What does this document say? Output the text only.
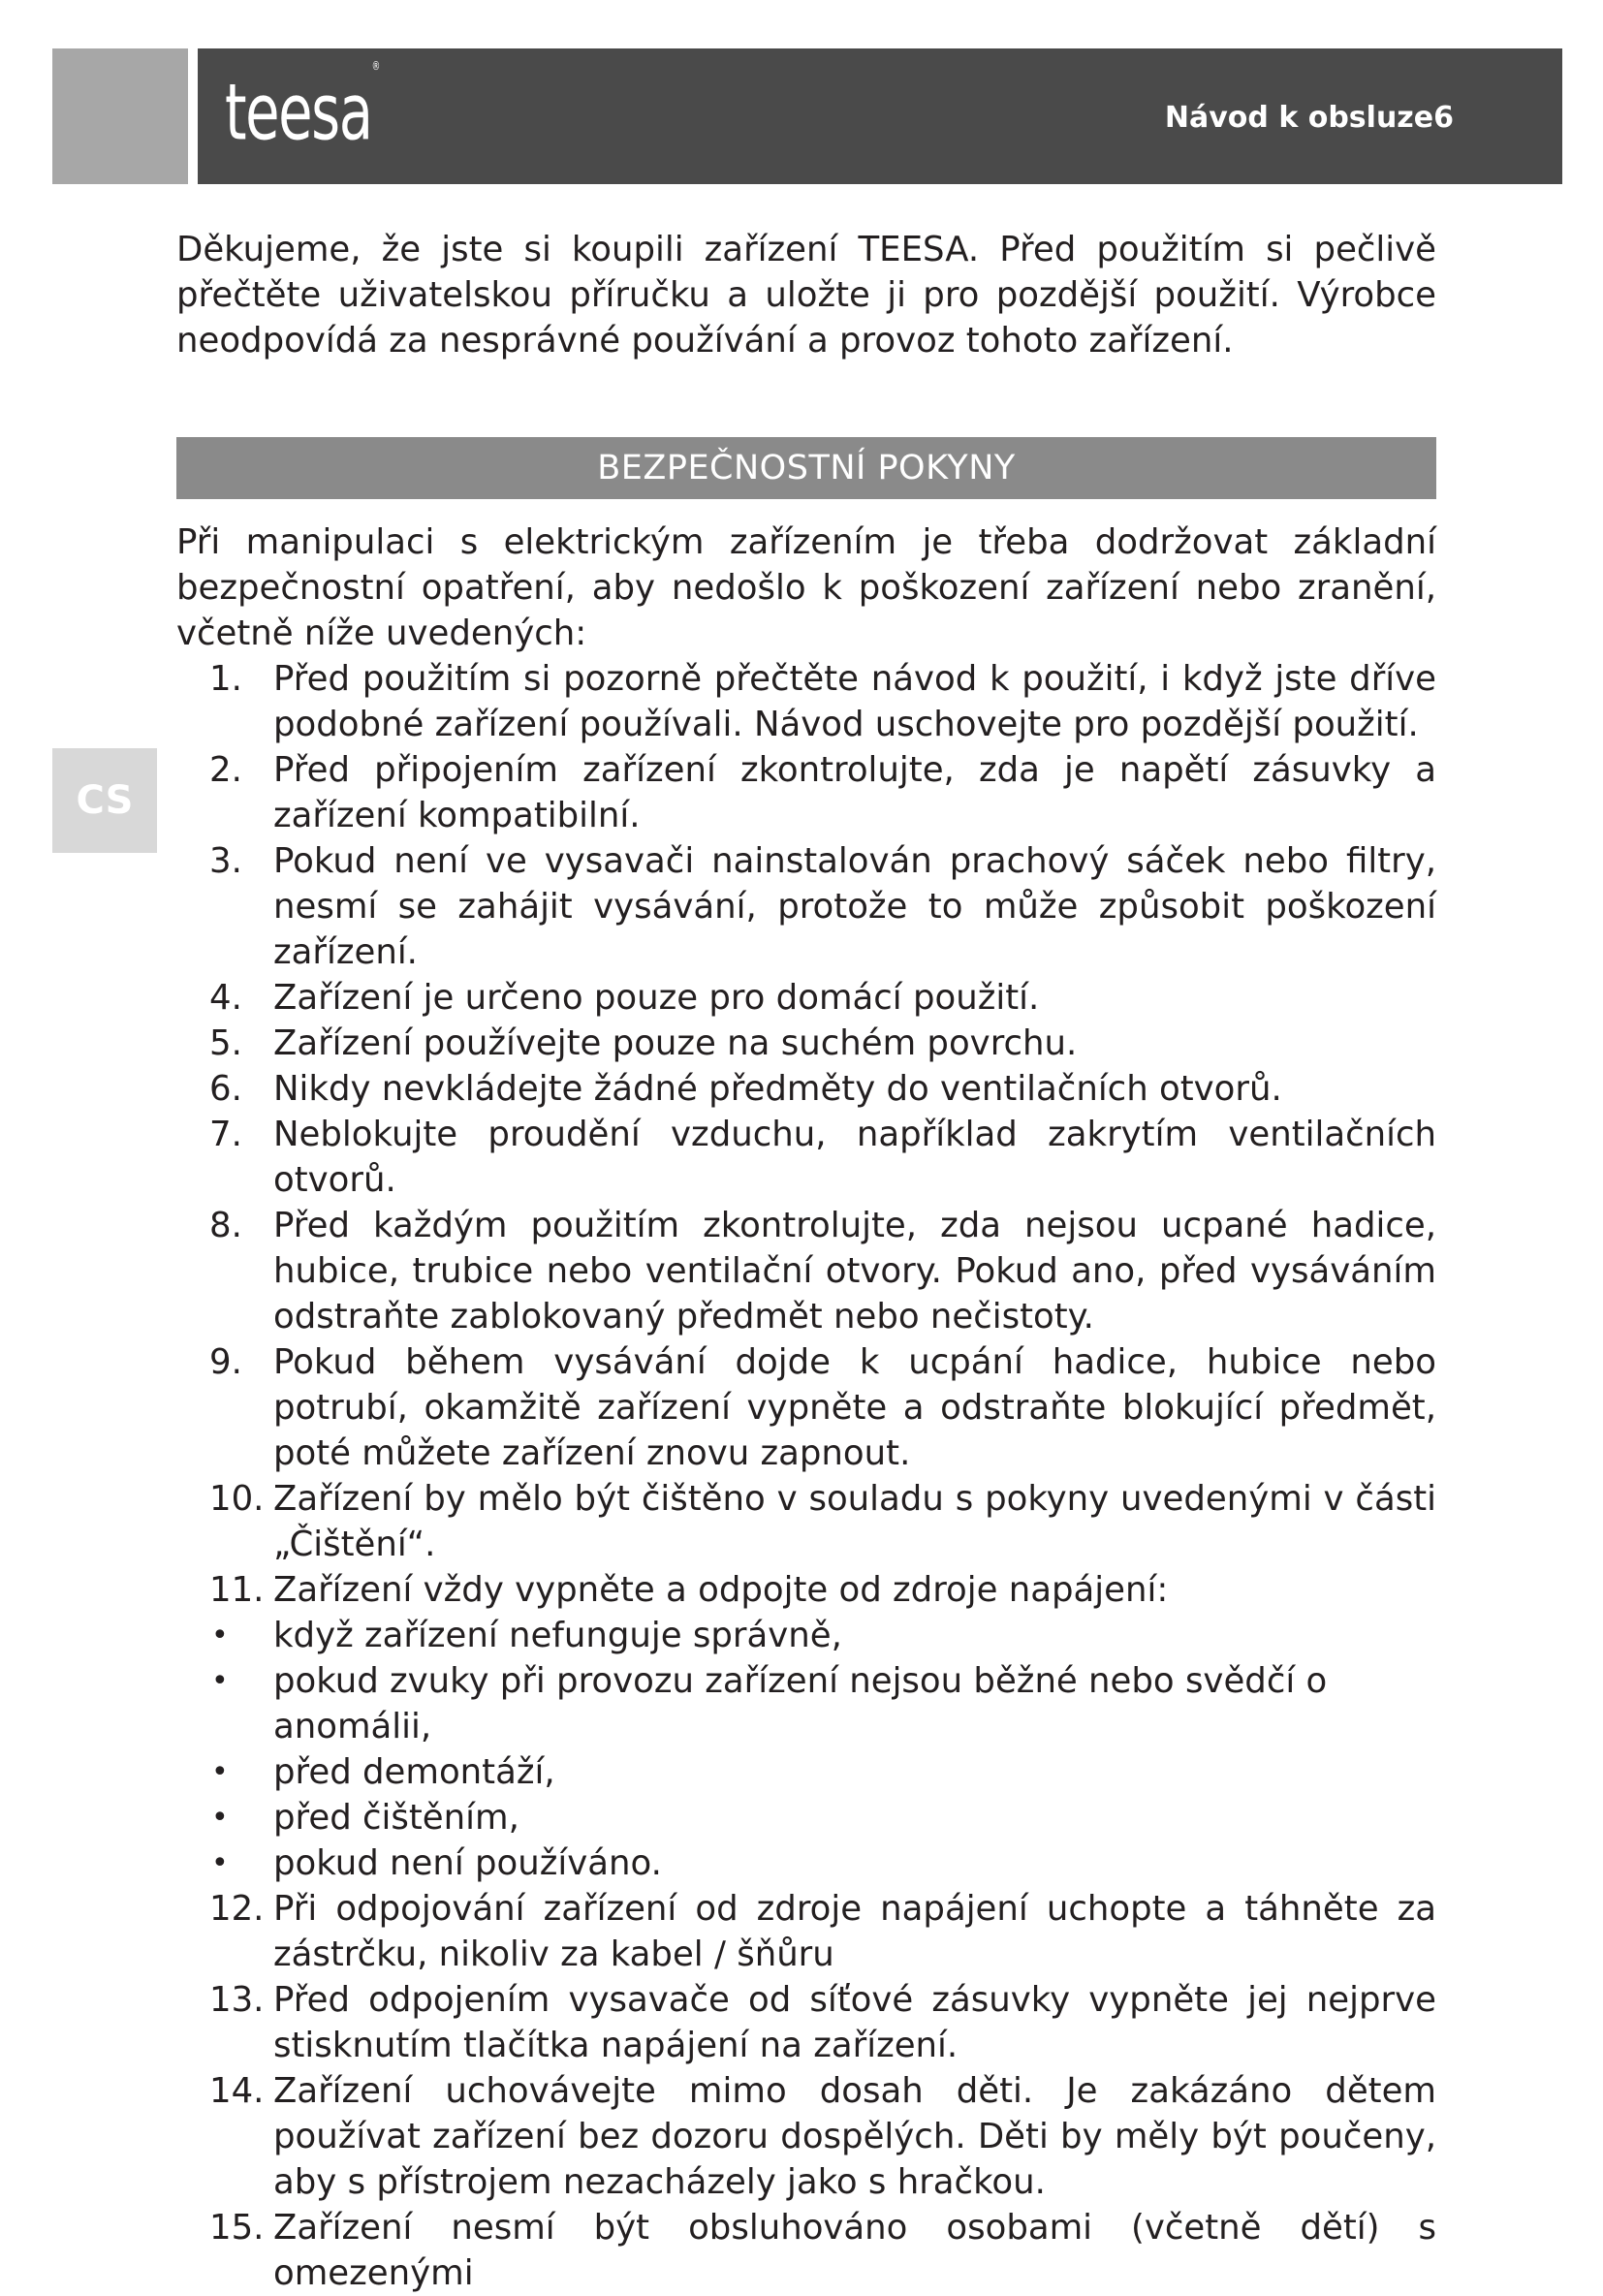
teesa®
Návod k obsluze6
CS

Děkujeme, že jste si koupili zařízení TEESA. Před použitím si pečlivě přečtěte uživatelskou příručku a uložte ji pro pozdější použití. Výrobce neodpovídá za nesprávné používání a provoz tohoto zařízení.

BEZPEČNOSTNÍ POKYNY

Při manipulaci s elektrickým zařízením je třeba dodržovat základní bezpečnostní opatření, aby nedošlo k poškození zařízení nebo zranění, včetně níže uvedených:

1. Před použitím si pozorně přečtěte návod k použití, i když jste dříve podobné zařízení používali. Návod uschovejte pro pozdější použití.
2. Před připojením zařízení zkontrolujte, zda je napětí zásuvky a zařízení kompatibilní.
3. Pokud není ve vysavači nainstalován prachový sáček nebo filtry, nesmí se zahájit vysávání, protože to může způsobit poškození zařízení.
4. Zařízení je určeno pouze pro domácí použití.
5. Zařízení používejte pouze na suchém povrchu.
6. Nikdy nevkládejte žádné předměty do ventilačních otvorů.
7. Neblokujte proudění vzduchu, například zakrytím ventilačních otvorů.
8. Před každým použitím zkontrolujte, zda nejsou ucpané hadice, hubice, trubice nebo ventilační otvory. Pokud ano, před vysáváním odstraňte zablokovaný předmět nebo nečistoty.
9. Pokud během vysávání dojde k ucpání hadice, hubice nebo potrubí, okamžitě zařízení vypněte a odstraňte blokující předmět, poté můžete zařízení znovu zapnout.
10. Zařízení by mělo být čištěno v souladu s pokyny uvedenými v části „Čištění“.
11. Zařízení vždy vypněte a odpojte od zdroje napájení:
• když zařízení nefunguje správně,
• pokud zvuky při provozu zařízení nejsou běžné nebo svědčí o anomálii,
• před demontáží,
• před čištěním,
• pokud není používáno.
12. Při odpojování zařízení od zdroje napájení uchopte a táhněte za zástrčku, nikoliv za kabel / šňůru
13. Před odpojením vysavače od síťové zásuvky vypněte jej nejprve stisknutím tlačítka napájení na zařízení.
14. Zařízení uchovávejte mimo dosah děti. Je zakázáno dětem používat zařízení bez dozoru dospělých. Děti by měly být poučeny, aby s přístrojem nezacházely jako s hračkou.
15. Zařízení nesmí být obsluhováno osobami (včetně dětí) s omezenými
